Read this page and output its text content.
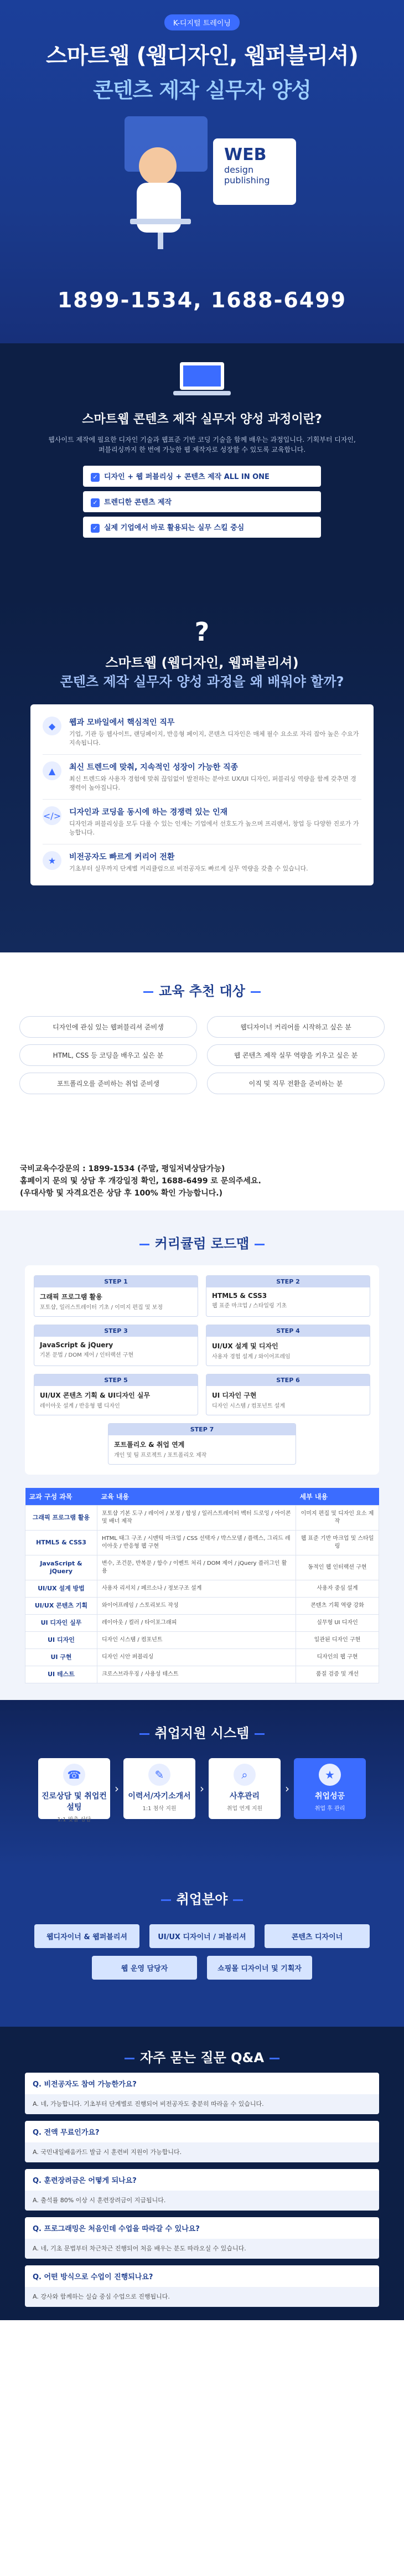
K-디지털 트레이닝
스마트웹 (웹디자인, 웹퍼블리셔)
콘텐츠 제작 실무자 양성
WEB
design
publishing
1899-1534, 1688-6499
스마트웹 콘텐츠 제작 실무자 양성 과정이란?

웹사이트 제작에 필요한 디자인 기술과 웹표준 기반 코딩 기술을 함께 배우는 과정입니다. 기획부터 디자인, 퍼블리싱까지 한 번에 가능한 웹 제작자로 성장할 수 있도록 교육합니다.

✓ 디자인 + 웹 퍼블리싱 + 콘텐츠 제작 ALL IN ONE
✓ 트렌디한 콘텐츠 제작
✓ 실제 기업에서 바로 활용되는 실무 스킬 중심
?
스마트웹 (웹디자인, 웹퍼블리셔)
콘텐츠 제작 실무자 양성 과정을 왜 배워야 할까?
◆	웹과 모바일에서 핵심적인 직무
기업, 기관 등 웹사이트, 랜딩페이지, 반응형 페이지, 콘텐츠 디자인은 매체 필수 요소로 자리 잡아 높은 수요가 지속됩니다.
▲	최신 트렌드에 맞춰, 지속적인 성장이 가능한 직종
최신 트렌드와 사용자 경험에 맞춰 끊임없이 발전하는 분야로 UX/UI 디자인, 퍼블리싱 역량을 함께 갖추면 경쟁력이 높아집니다.
</> 디자인과 코딩을 동시에 하는 경쟁력 있는 인재
디자인과 퍼블리싱을 모두 다룰 수 있는 인재는 기업에서 선호도가 높으며 프리랜서, 창업 등 다양한 진로가 가능합니다.
★	비전공자도 빠르게 커리어 전환
기초부터 실무까지 단계별 커리큘럼으로 비전공자도 빠르게 실무 역량을 갖출 수 있습니다.
교육 추천 대상
디자인에 관심 있는 웹퍼블리셔 준비생	웹디자이너 커리어를 시작하고 싶은 분
HTML, CSS 등 코딩을 배우고 싶은 분	웹 콘텐츠 제작 실무 역량을 키우고 싶은 분
포트폴리오를 준비하는 취업 준비생	이직 및 직무 전환을 준비하는 분
국비교육수강문의 : 1899-1534 (주말, 평일저녁상담가능)
홈페이지 문의 및 상담 후 개강일정 확인, 1688-6499 로 문의주세요.
(우대사항 및 자격요건은 상담 후 100% 확인 가능합니다.)
커리큘럼 로드맵
STEP 1
그래픽 프로그램 활용
포토샵, 일러스트레이터 기초 / 이미지 편집 및 보정
STEP 2
HTML5 & CSS3
웹 표준 마크업 / 스타일링 기초
STEP 3
JavaScript & jQuery
기본 문법 / DOM 제어 / 인터랙션 구현
STEP 4
UI/UX 설계 및 디자인
사용자 경험 설계 / 와이어프레임
STEP 5
UI/UX 콘텐츠 기획 & UI디자인 실무
레이아웃 설계 / 반응형 웹 디자인
STEP 6
UI 디자인 구현
디자인 시스템 / 컴포넌트 설계
STEP 7
포트폴리오 & 취업 연계
개인 및 팀 프로젝트 / 포트폴리오 제작
교과 구성 과목	교육 내용	세부 내용
그래픽 프로그램 활용	포토샵 기본 도구 / 레이어 / 보정 / 합성 / 일러스트레이터 벡터 드로잉 / 아이콘 및 배너 제작	이미지 편집 및 디자인 요소 제작
HTML5 & CSS3	HTML 태그 구조 / 시맨틱 마크업 / CSS 선택자 / 박스모델 / 플렉스, 그리드 레이아웃 / 반응형 웹 구현	웹 표준 기반 마크업 및 스타일링
JavaScript & jQuery	변수, 조건문, 반복문 / 함수 / 이벤트 처리 / DOM 제어 / jQuery 플러그인 활용	동적인 웹 인터랙션 구현
UI/UX 설계 방법	사용자 리서치 / 페르소나 / 정보구조 설계	사용자 중심 설계
UI/UX 콘텐츠 기획	와이어프레임 / 스토리보드 작성	콘텐츠 기획 역량 강화
UI 디자인 실무	레이아웃 / 컬러 / 타이포그래피	실무형 UI 디자인
UI 디자인	디자인 시스템 / 컴포넌트	일관된 디자인 구현
UI 구현	디자인 시안 퍼블리싱	디자인의 웹 구현
UI 테스트	크로스브라우징 / 사용성 테스트	품질 검증 및 개선
취업지원 시스템
☎
진로상담 및 취업컨설팅
1:1 맞춤 상담
›
✎
이력서/자기소개서
1:1 첨삭 지원
›
⌕
사후관리
취업 연계 지원
›
★
취업성공
취업 후 관리
취업분야
웹디자이너 & 웹퍼블리셔	UI/UX 디자이너 / 퍼블리셔	콘텐츠 디자이너
웹 운영 담당자	쇼핑몰 디자이너 및 기획자
자주 묻는 질문 Q&A
Q. 비전공자도 참여 가능한가요?
A. 네, 가능합니다. 기초부터 단계별로 진행되어 비전공자도 충분히 따라올 수 있습니다.
Q. 전액 무료인가요?
A. 국민내일배움카드 발급 시 훈련비 지원이 가능합니다.
Q. 훈련장려금은 어떻게 되나요?
A. 출석률 80% 이상 시 훈련장려금이 지급됩니다.
Q. 프로그래밍은 처음인데 수업을 따라갈 수 있나요?
A. 네, 기초 문법부터 차근차근 진행되어 처음 배우는 분도 따라오실 수 있습니다.
Q. 어떤 방식으로 수업이 진행되나요?
A. 강사와 함께하는 실습 중심 수업으로 진행됩니다.
